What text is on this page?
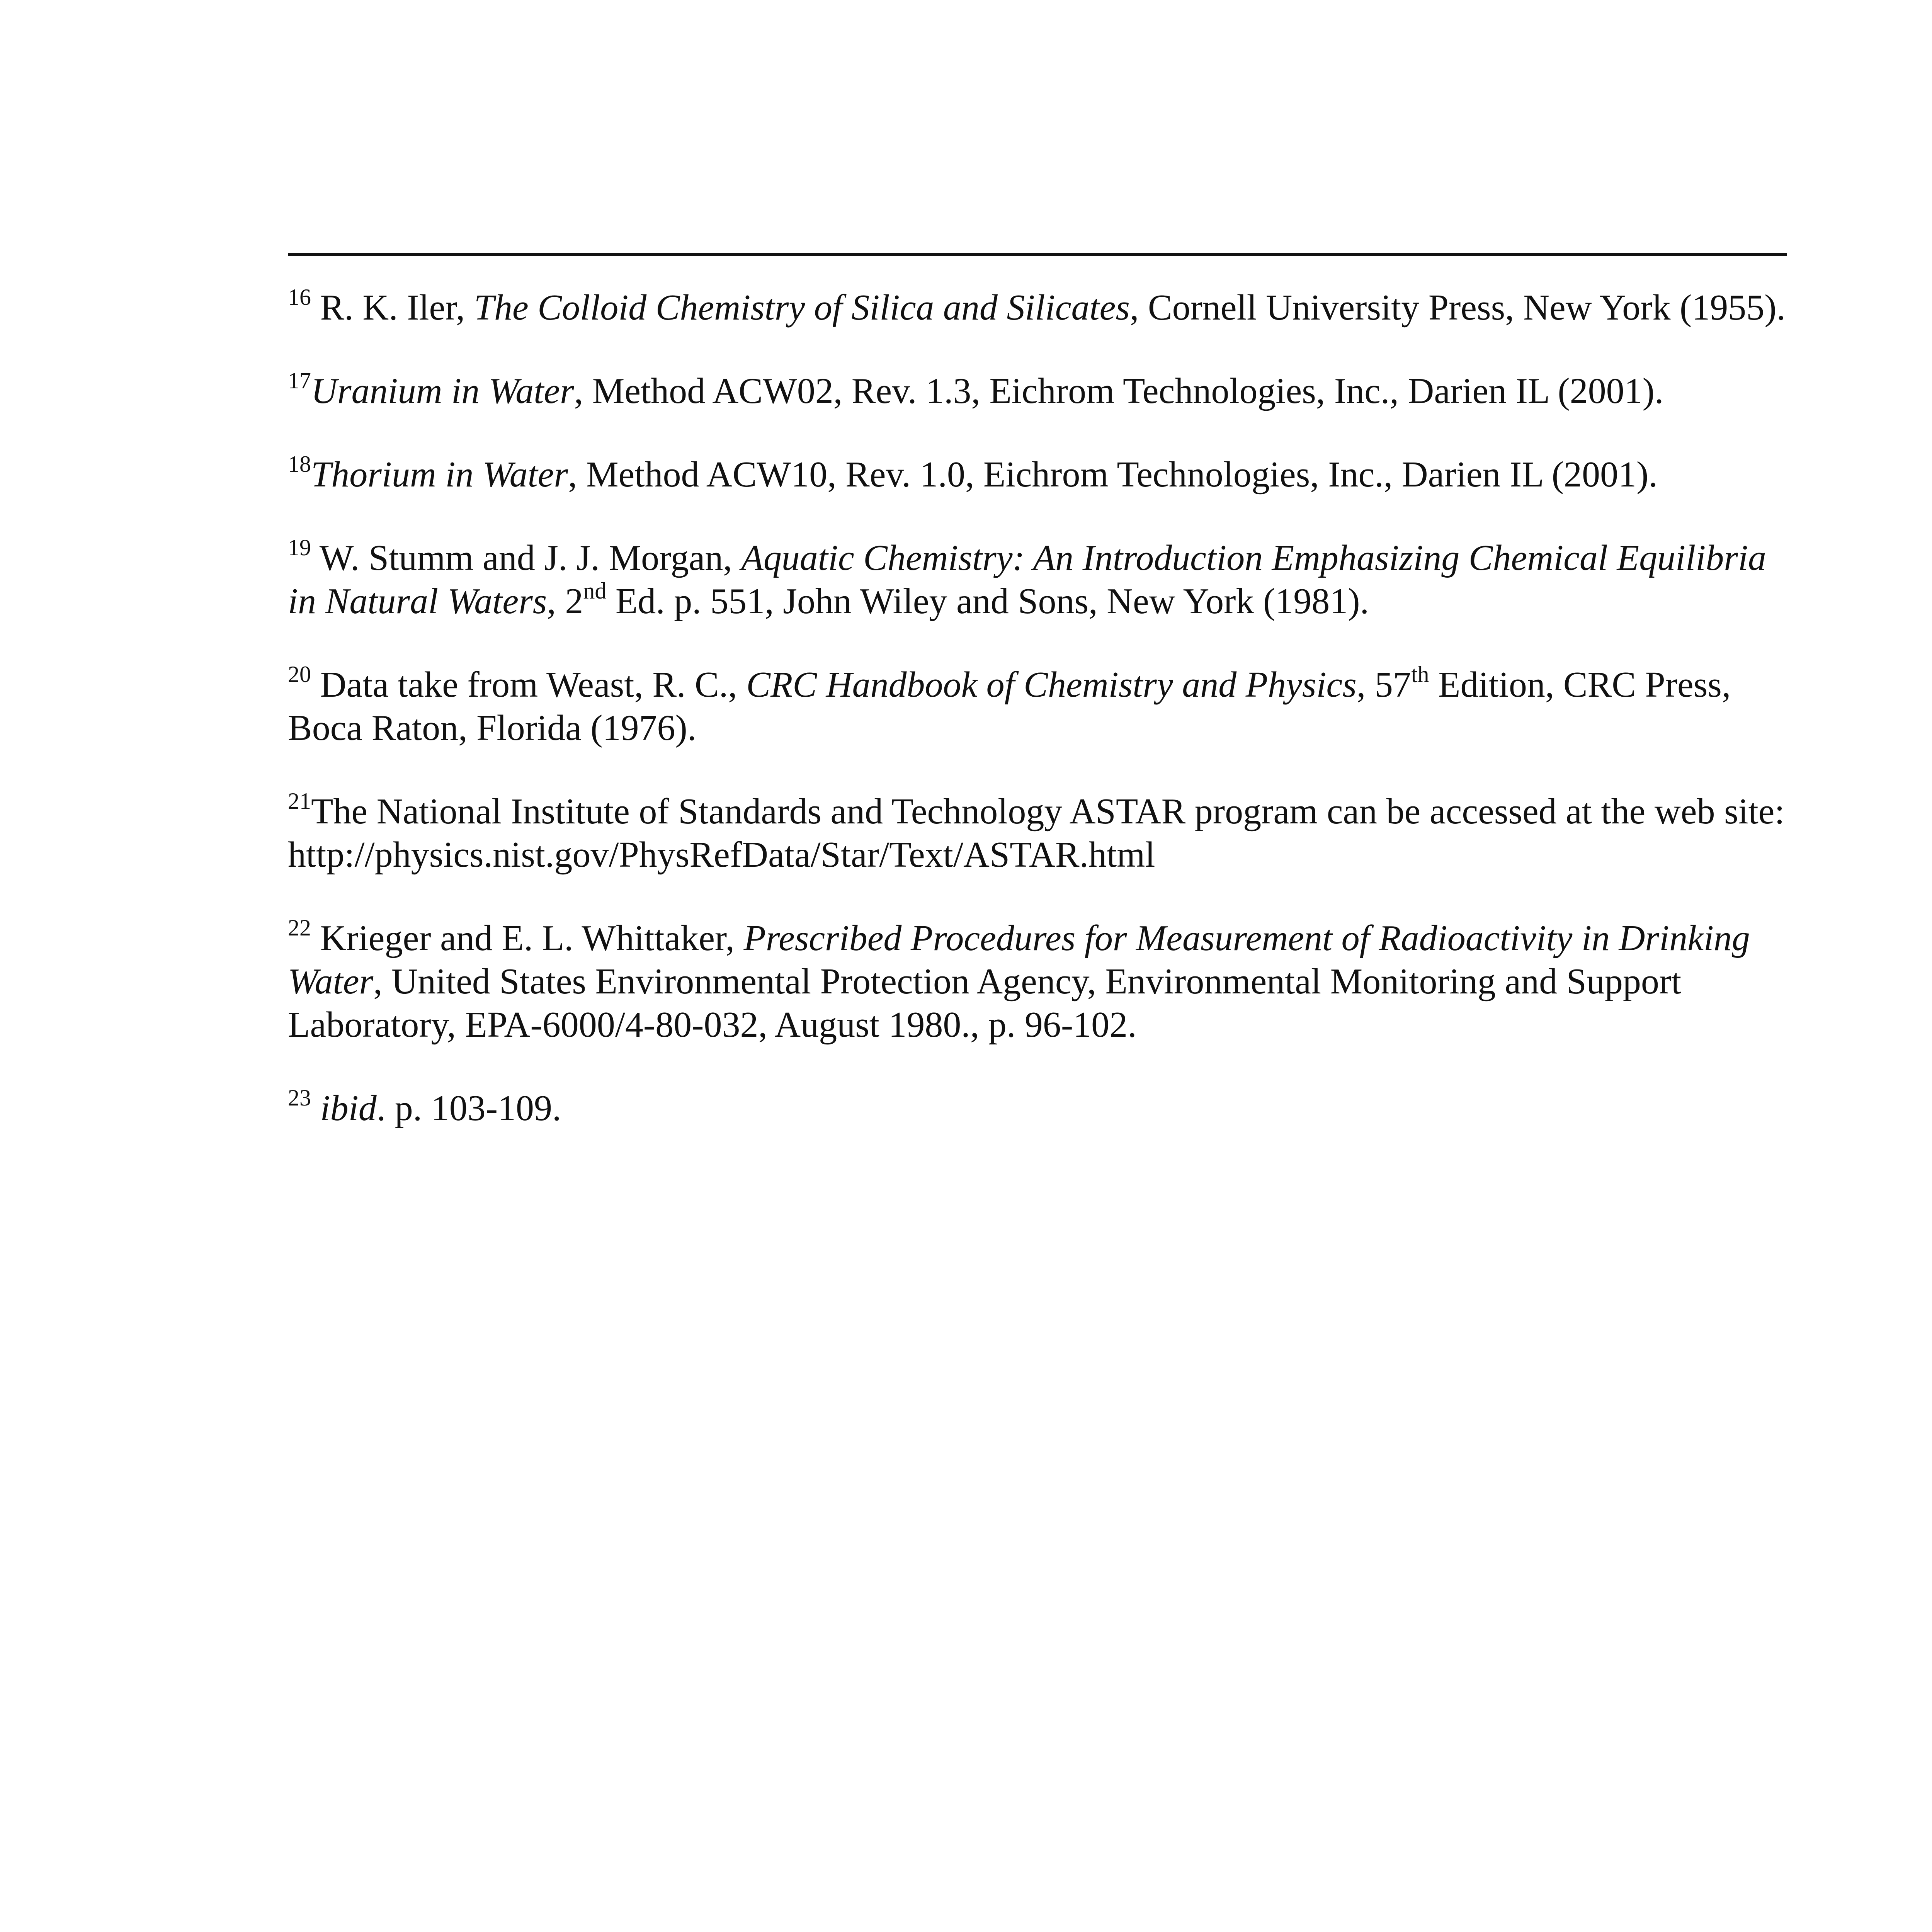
$^{16}$ R. K. Iler, The Colloid Chemistry of Silica and Silicates, Cornell University Press, New York (1955).

$^{17}$Uranium in Water, Method ACW02, Rev. 1.3, Eichrom Technologies, Inc., Darien IL (2001).

$^{18}$Thorium in Water, Method ACW10, Rev. 1.0, Eichrom Technologies, Inc., Darien IL (2001).

$^{19}$ W. Stumm and J. J. Morgan, Aquatic Chemistry: An Introduction Emphasizing Chemical Equilibria in Natural Waters, 2nd Ed. p. 551, John Wiley and Sons, New York (1981).

$^{20}$ Data take from Weast, R. C., CRC Handbook of Chemistry and Physics, 57th Edition, CRC Press, Boca Raton, Florida (1976).

$^{21}$The National Institute of Standards and Technology ASTAR program can be accessed at the web site: http://physics.nist.gov/PhysRefData/Star/Text/ASTAR.html

$^{22}$ Krieger and E. L. Whittaker, Prescribed Procedures for Measurement of Radioactivity in Drinking Water, United States Environmental Protection Agency, Environmental Monitoring and Support Laboratory, EPA-6000/4-80-032, August 1980., p. 96-102.

$^{23}$ ibid. p. 103-109.
